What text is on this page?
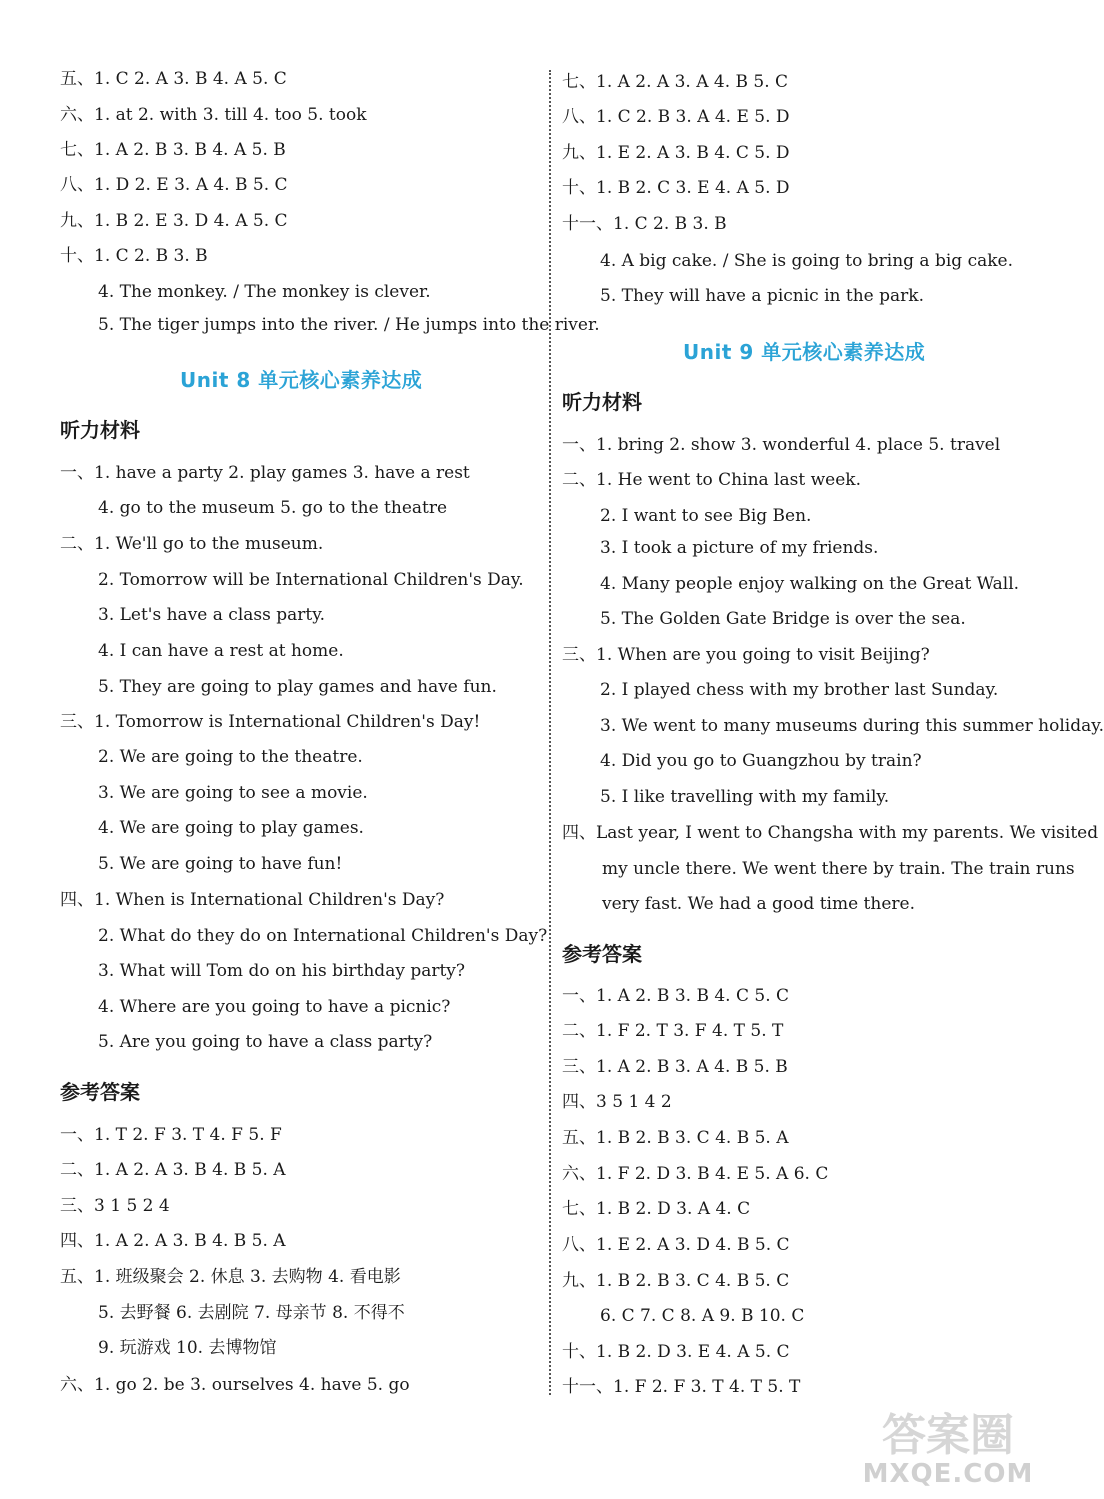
五、1. C 2. A 3. B 4. A 5. C
六、1. at 2. with 3. till 4. too 5. took
七、1. A 2. B 3. B 4. A 5. B
八、1. D 2. E 3. A 4. B 5. C
九、1. B 2. E 3. D 4. A 5. C
十、1. C 2. B 3. B
4. The monkey. / The monkey is clever.
5. The tiger jumps into the river. / He jumps into the river.
Unit 8 单元核心素养达成
听力材料
一、1. have a party 2. play games 3. have a rest
4. go to the museum 5. go to the theatre
二、1. We'll go to the museum.
2. Tomorrow will be International Children's Day.
3. Let's have a class party.
4. I can have a rest at home.
5. They are going to play games and have fun.
三、1. Tomorrow is International Children's Day!
2. We are going to the theatre.
3. We are going to see a movie.
4. We are going to play games.
5. We are going to have fun!
四、1. When is International Children's Day?
2. What do they do on International Children's Day?
3. What will Tom do on his birthday party?
4. Where are you going to have a picnic?
5. Are you going to have a class party?
参考答案
一、1. T 2. F 3. T 4. F 5. F
二、1. A 2. A 3. B 4. B 5. A
三、3 1 5 2 4
四、1. A 2. A 3. B 4. B 5. A
五、1. 班级聚会 2. 休息 3. 去购物 4. 看电影
5. 去野餐 6. 去剧院 7. 母亲节 8. 不得不
9. 玩游戏 10. 去博物馆
六、1. go 2. be 3. ourselves 4. have 5. go
七、1. A 2. A 3. A 4. B 5. C
八、1. C 2. B 3. A 4. E 5. D
九、1. E 2. A 3. B 4. C 5. D
十、1. B 2. C 3. E 4. A 5. D
十一、1. C 2. B 3. B
4. A big cake. / She is going to bring a big cake.
5. They will have a picnic in the park.
Unit 9 单元核心素养达成
听力材料
一、1. bring 2. show 3. wonderful 4. place 5. travel
二、1. He went to China last week.
2. I want to see Big Ben.
3. I took a picture of my friends.
4. Many people enjoy walking on the Great Wall.
5. The Golden Gate Bridge is over the sea.
三、1. When are you going to visit Beijing?
2. I played chess with my brother last Sunday.
3. We went to many museums during this summer holiday.
4. Did you go to Guangzhou by train?
5. I like travelling with my family.
四、Last year, I went to Changsha with my parents. We visited
my uncle there. We went there by train. The train runs
very fast. We had a good time there.
参考答案
一、1. A 2. B 3. B 4. C 5. C
二、1. F 2. T 3. F 4. T 5. T
三、1. A 2. B 3. A 4. B 5. B
四、3 5 1 4 2
五、1. B 2. B 3. C 4. B 5. A
六、1. F 2. D 3. B 4. E 5. A 6. C
七、1. B 2. D 3. A 4. C
八、1. E 2. A 3. D 4. B 5. C
九、1. B 2. B 3. C 4. B 5. C
6. C 7. C 8. A 9. B 10. C
十、1. B 2. D 3. E 4. A 5. C
十一、1. F 2. F 3. T 4. T 5. T
答案圈
MXQE.COM
